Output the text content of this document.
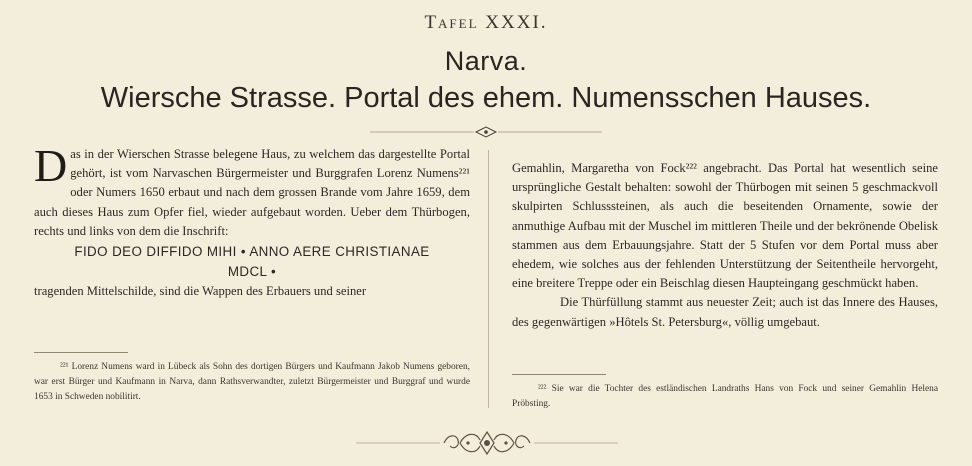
Tafel XXXI.
Narva.
Wiersche Strasse. Portal des ehem. Numensschen Hauses.

Das in der Wierschen Strasse belegene Haus, zu welchem das dargestellte Portal gehört, ist vom Narvaschen Bürgermeister und Burggrafen Lorenz Numens²²¹ oder Numers 1650 erbaut und nach dem grossen Brande vom Jahre 1659, dem auch dieses Haus zum Opfer fiel, wieder aufgebaut worden. Ueber dem Thürbogen, rechts und links von dem die Inschrift:

FIDO DEO DIFFIDO MIHI • ANNO AERE CHRISTIANAE
MDCL •

tragenden Mittelschilde, sind die Wappen des Erbauers und seiner

Gemahlin, Margaretha von Fock²²² angebracht. Das Portal hat wesentlich seine ursprüngliche Gestalt behalten: sowohl der Thürbogen mit seinen 5 geschmackvoll skulpirten Schlusssteinen, als auch die beseitenden Ornamente, sowie der anmuthige Aufbau mit der Muschel im mittleren Theile und der bekrönende Obelisk stammen aus dem Erbauungsjahre. Statt der 5 Stufen vor dem Portal muss aber ehedem, wie solches aus der fehlenden Unterstützung der Seitentheile hervorgeht, eine breitere Treppe oder ein Beischlag diesen Haupteingang geschmückt haben.

Die Thürfüllung stammt aus neuester Zeit; auch ist das Innere des Hauses, des gegenwärtigen »Hôtels St. Petersburg«, völlig umgebaut.

²²¹ Lorenz Numens ward in Lübeck als Sohn des dortigen Bürgers und Kaufmann Jakob Numens geboren, war erst Bürger und Kaufmann in Narva, dann Rathsverwandter, zuletzt Bürgermeister und Burggraf und wurde 1653 in Schweden nobilitirt.
²²² Sie war die Tochter des estländischen Landraths Hans von Fock und seiner Gemahlin Helena Pröbsting.
